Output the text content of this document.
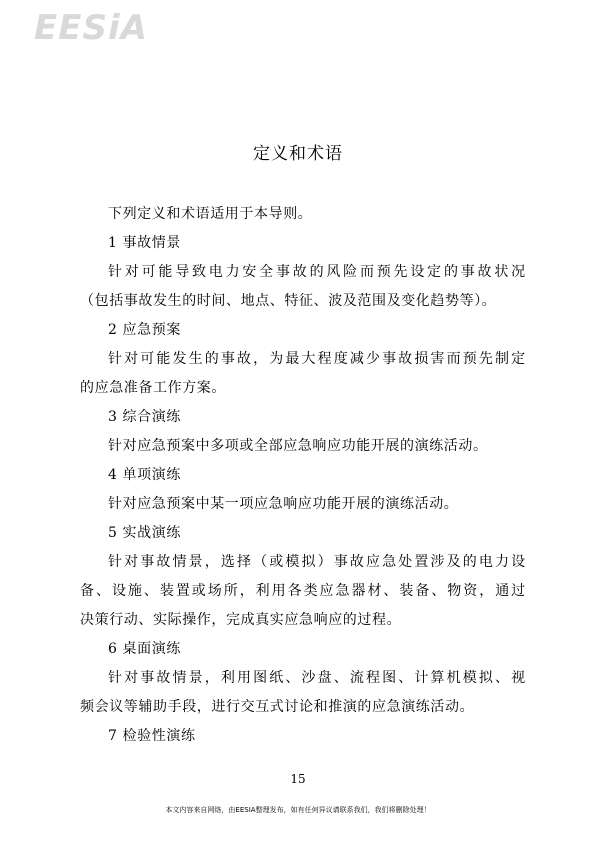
EESiA
定义和术语
下列定义和术语适用于本导则。
1 事故情景
针 对 可 能 导 致 电 力 安 全 事 故 的 风 险 而 预 先 设 定 的 事 故 状 况
（包括事故发生的时间、地点、特征、波及范围及变化趋势等）。
2 应急预案
针 对 可 能 发 生 的 事 故 ， 为 最 大 程 度 减 少 事 故 损 害 而 预 先 制 定
的应急准备工作方案。
3 综合演练
针对应急预案中多项或全部应急响应功能开展的演练活动。
4 单项演练
针对应急预案中某一项应急响应功能开展的演练活动。
5 实战演练
针 对 事 故 情 景 ， 选 择 （ 或 模 拟 ） 事 故 应 急 处 置 涉 及 的 电 力 设
备 、 设 施 、 装 置 或 场 所 ， 利 用 各 类 应 急 器 材 、 装 备 、 物 资 ， 通 过
决策行动、实际操作，完成真实应急响应的过程。
6 桌面演练
针 对 事 故 情 景 ， 利 用 图 纸 、 沙 盘 、 流 程 图 、 计 算 机 模 拟 、 视
频会议等辅助手段，进行交互式讨论和推演的应急演练活动。
7 检验性演练
15
本文内容来自网络，由EESIA整理发布，如有任何异议请联系我们，我们将删除处理！
